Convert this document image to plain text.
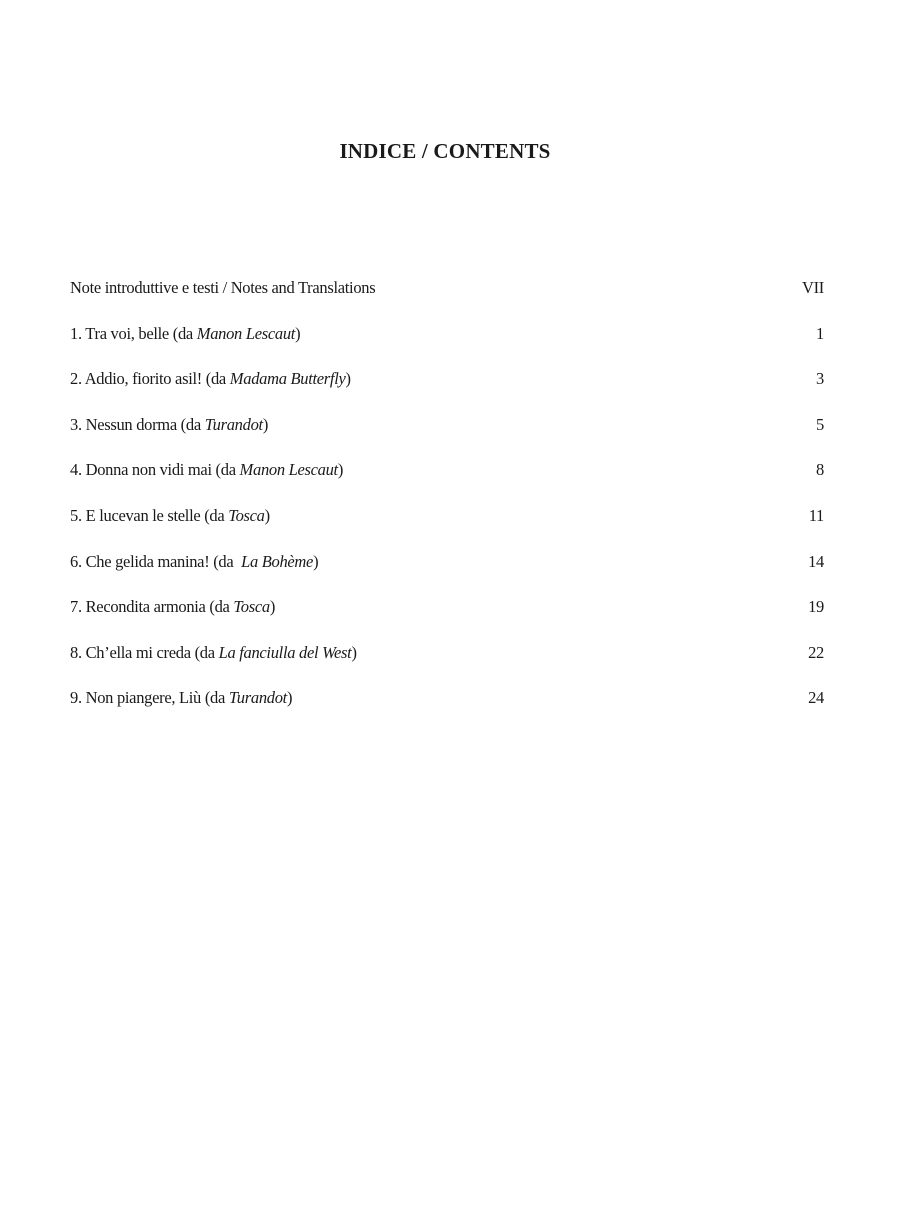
INDICE / CONTENTS
Note introduttive e testi / Notes and Translations	VII
1. Tra voi, belle (da Manon Lescaut)	1
2. Addio, fiorito asil! (da Madama Butterfly)	3
3. Nessun dorma (da Turandot)	5
4. Donna non vidi mai (da Manon Lescaut)	8
5. E lucevan le stelle (da Tosca)	11
6. Che gelida manina! (da  La Bohème)	14
7. Recondita armonia (da Tosca)	19
8. Ch’ella mi creda (da La fanciulla del West)	22
9. Non piangere, Liù (da Turandot)	24
